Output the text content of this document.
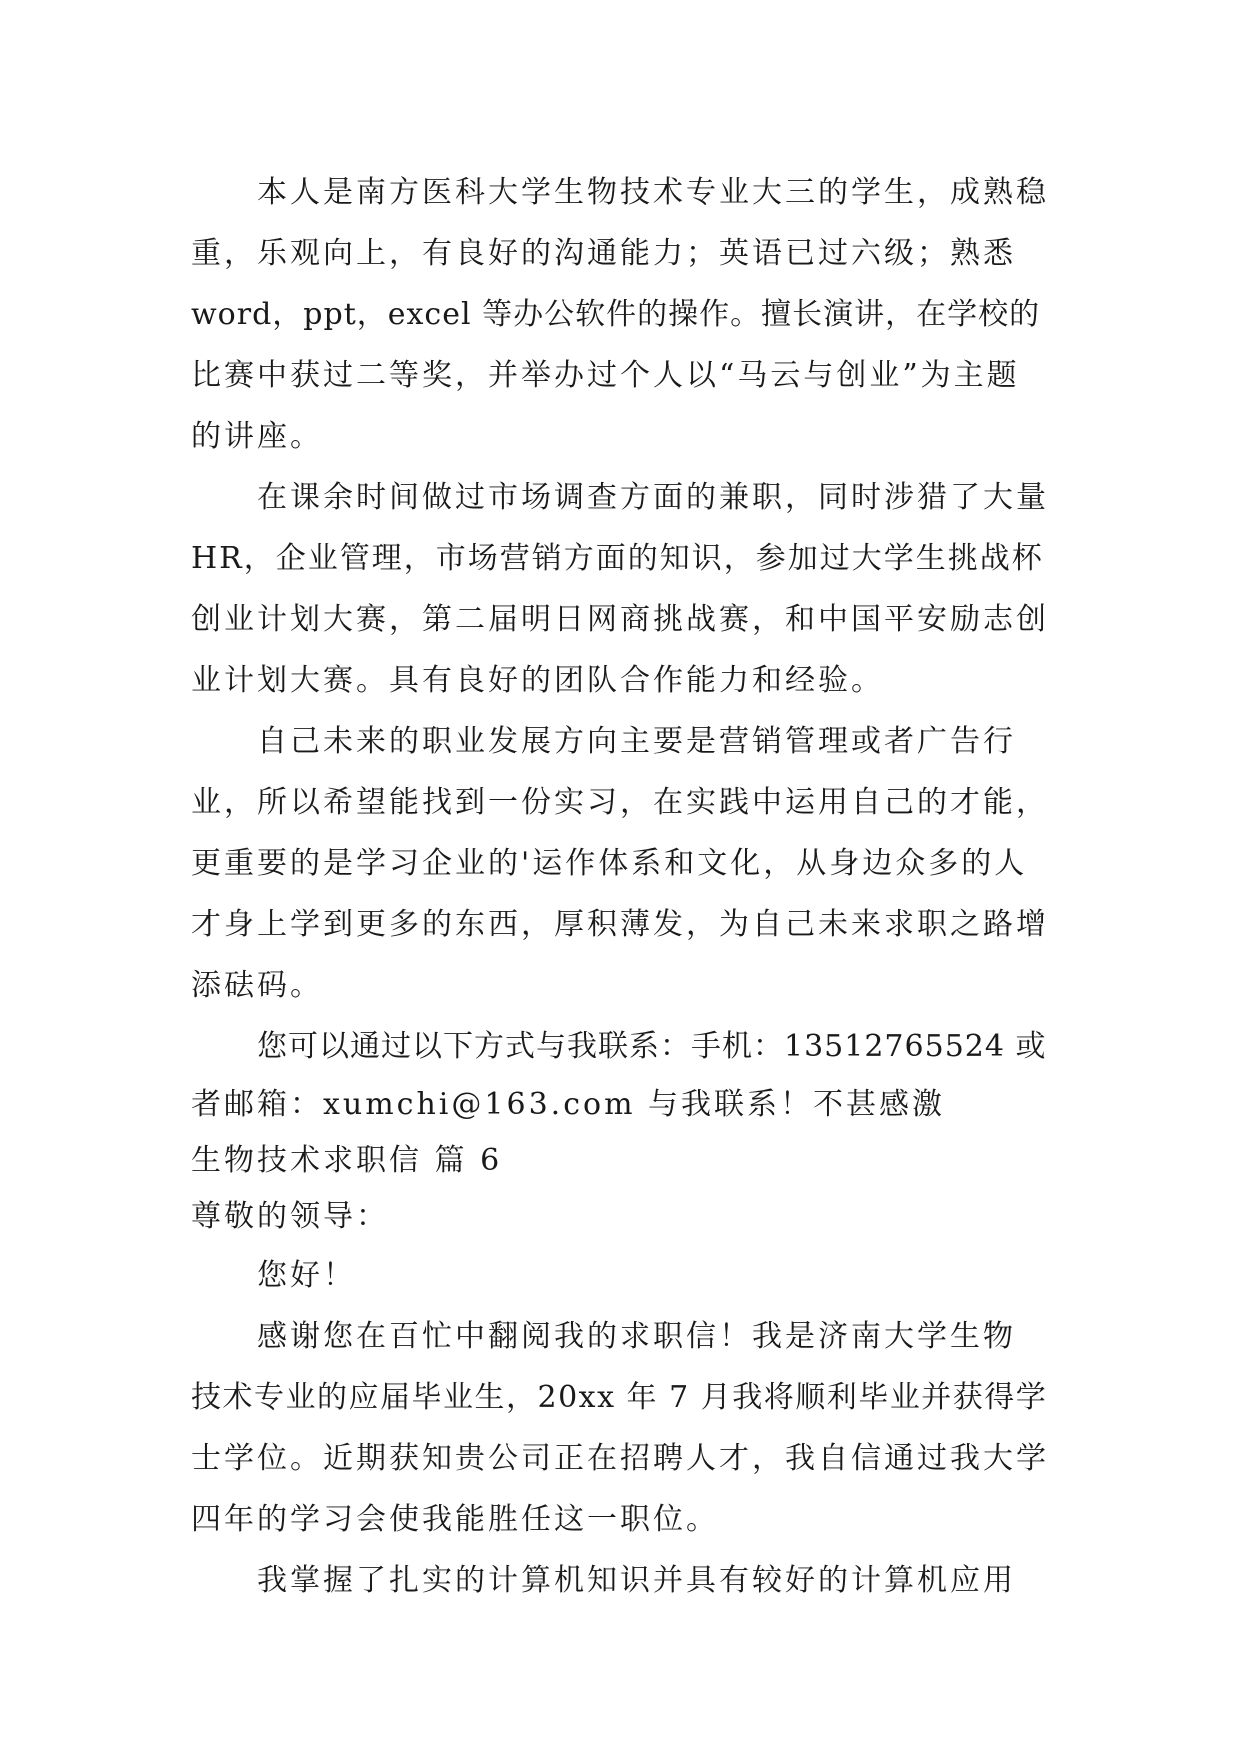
本人是南方医科大学生物技术专业大三的学生，成熟稳
重，乐观向上，有良好的沟通能力；英语已过六级；熟悉
word，ppt，excel 等办公软件的操作。擅长演讲，在学校的
比赛中获过二等奖，并举办过个人以“马云与创业”为主题
的讲座。
在课余时间做过市场调查方面的兼职，同时涉猎了大量
HR，企业管理，市场营销方面的知识，参加过大学生挑战杯
创业计划大赛，第二届明日网商挑战赛，和中国平安励志创
业计划大赛。具有良好的团队合作能力和经验。
自己未来的职业发展方向主要是营销管理或者广告行
业，所以希望能找到一份实习，在实践中运用自己的才能，
更重要的是学习企业的'运作体系和文化，从身边众多的人
才身上学到更多的东西，厚积薄发，为自己未来求职之路增
添砝码。
您可以通过以下方式与我联系：手机：13512765524 或
者邮箱：xumchi@163.com 与我联系！不甚感激
生物技术求职信 篇 6
尊敬的领导：
您好！
感谢您在百忙中翻阅我的求职信！我是济南大学生物
技术专业的应届毕业生，20xx 年 7 月我将顺利毕业并获得学
士学位。近期获知贵公司正在招聘人才，我自信通过我大学
四年的学习会使我能胜任这一职位。
我掌握了扎实的计算机知识并具有较好的计算机应用
